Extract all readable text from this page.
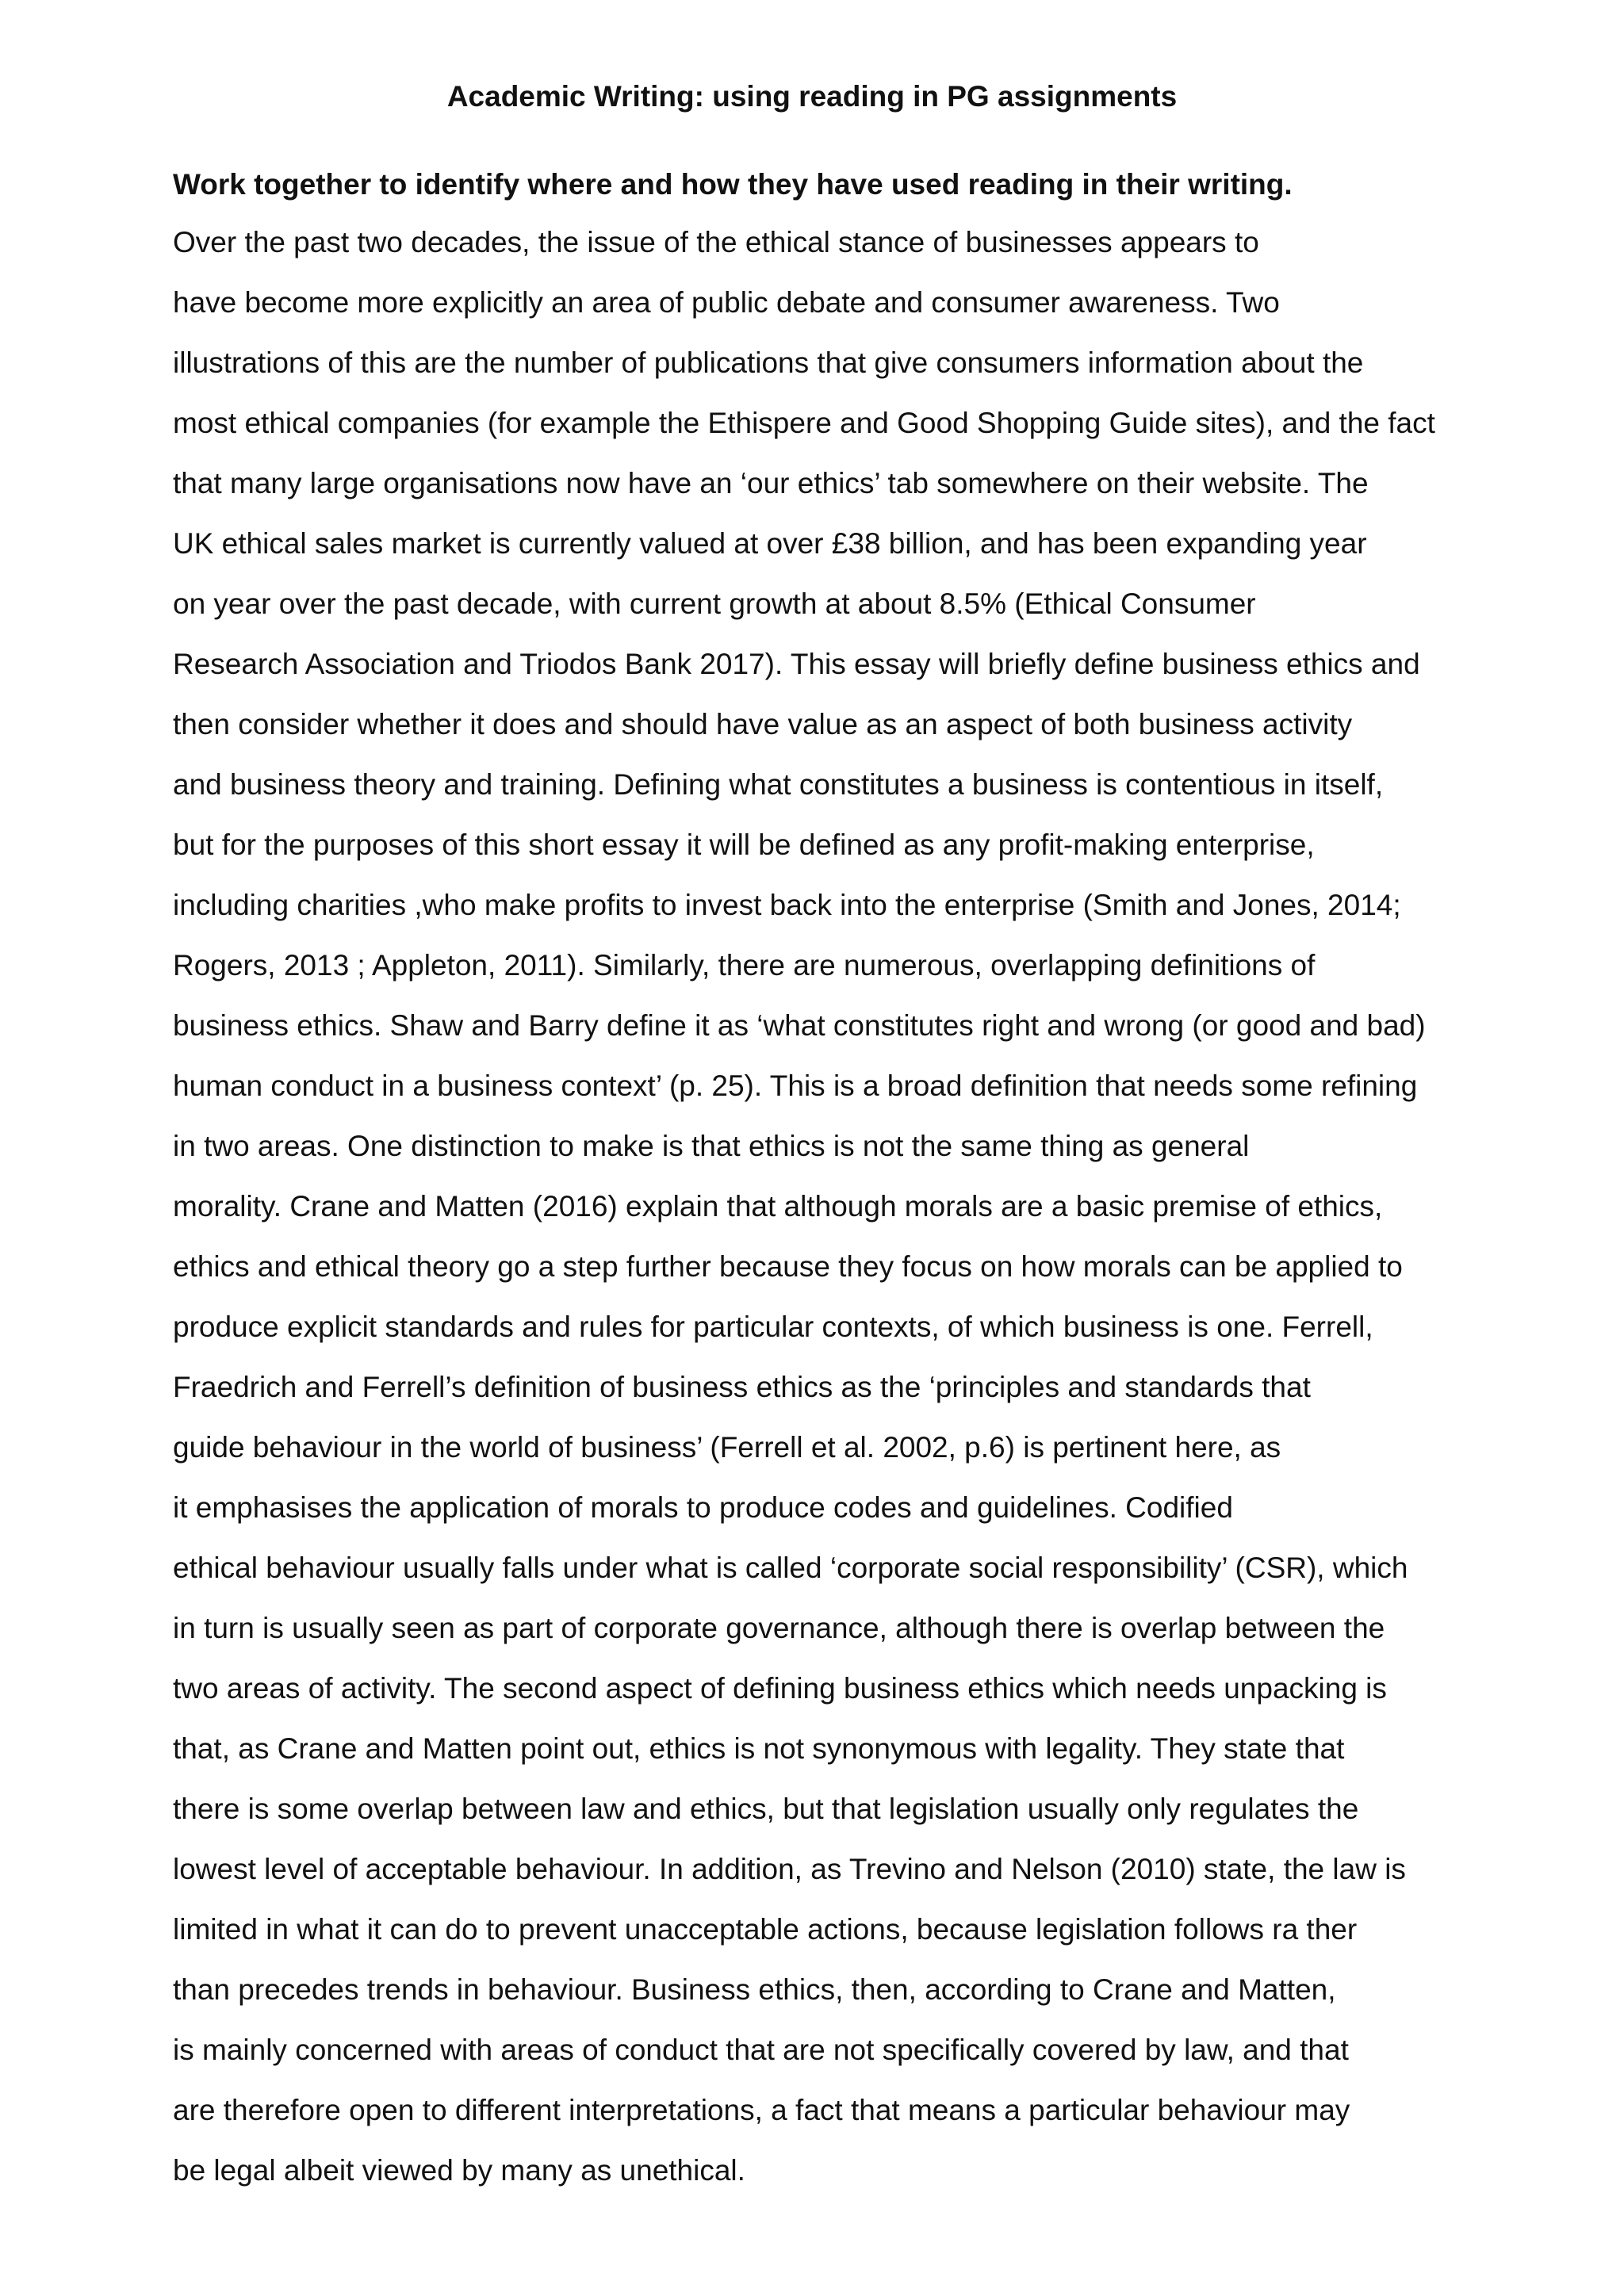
Academic Writing: using reading in PG assignments
Work together to identify where and how they have used reading in their writing.
Over the past two decades, the issue of the ethical stance of businesses appears to
have become more explicitly an area of public debate and consumer awareness. Two
illustrations of this are the number of publications that give consumers information about the
most ethical companies (for example the Ethispere and Good Shopping Guide sites), and the fact
that many large organisations now have an ‘our ethics’ tab somewhere on their website. The
UK ethical sales market is currently valued at over £38 billion, and has been expanding year
on year over the past decade, with current growth at about 8.5% (Ethical Consumer
Research Association and Triodos Bank 2017). This essay will briefly define business ethics and
then consider whether it does and should have value as an aspect of both business activity
and business theory and training. Defining what constitutes a business is contentious in itself,
but for the purposes of this short essay it will be defined as any profit-making enterprise,
including charities ,who make profits to invest back into the enterprise (Smith and Jones, 2014;
Rogers, 2013 ; Appleton, 2011). Similarly, there are numerous, overlapping definitions of
business ethics. Shaw and Barry define it as ‘what constitutes right and wrong (or good and bad)
human conduct in a business context’ (p. 25). This is a broad definition that needs some refining
in two areas. One distinction to make is that ethics is not the same thing as general
morality. Crane and Matten (2016) explain that although morals are a basic premise of ethics,
ethics and ethical theory go a step further because they focus on how morals can be applied to
produce explicit standards and rules for particular contexts, of which business is one. Ferrell,
Fraedrich and Ferrell’s definition of business ethics as the ‘principles and standards that
guide behaviour in the world of business’ (Ferrell et al. 2002, p.6) is pertinent here, as
it emphasises the application of morals to produce codes and guidelines. Codified
ethical behaviour usually falls under what is called ‘corporate social responsibility’ (CSR), which
in turn is usually seen as part of corporate governance, although there is overlap between the
two areas of activity. The second aspect of defining business ethics which needs unpacking is
that, as Crane and Matten point out, ethics is not synonymous with legality. They state that
there is some overlap between law and ethics, but that legislation usually only regulates the
lowest level of acceptable behaviour. In addition, as Trevino and Nelson (2010) state, the law is
limited in what it can do to prevent unacceptable actions, because legislation follows ra ther
than precedes trends in behaviour. Business ethics, then, according to Crane and Matten,
is mainly concerned with areas of conduct that are not specifically covered by law, and that
are therefore open to different interpretations, a fact that means a particular behaviour may
be legal albeit viewed by many as unethical.
